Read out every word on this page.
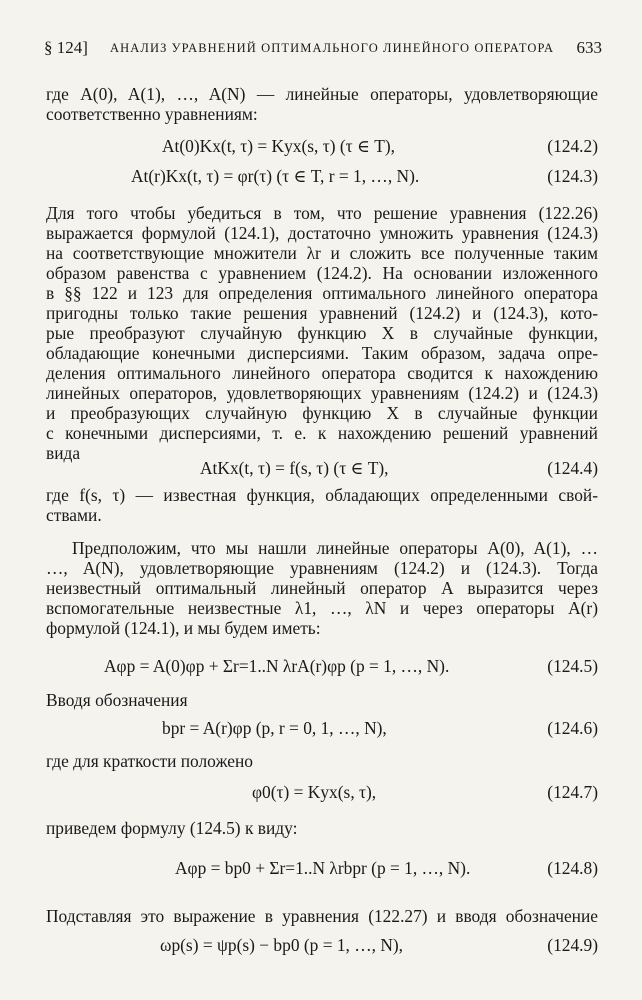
§ 124] АНАЛИЗ УРАВНЕНИЙ ОПТИМАЛЬНОГО ЛИНЕЙНОГО ОПЕРАТОРА 633
где A(0), A(1), …, A(N) — линейные операторы, удовлетворяющие
соответственно уравнениям:
At(0)Kx(t, τ) = Kyx(s, τ) (τ ∈ T),	(124.2)
At(r)Kx(t, τ) = φr(τ) (τ ∈ T, r = 1, …, N).	(124.3)
Для того чтобы убедиться в том, что решение уравнения (122.26)
выражается формулой (124.1), достаточно умножить уравнения (124.3)
на соответствующие множители λr и сложить все полученные таким
образом равенства с уравнением (124.2). На основании изложенного
в §§ 122 и 123 для определения оптимального линейного оператора
пригодны только такие решения уравнений (124.2) и (124.3), кото-
рые преобразуют случайную функцию X в случайные функции,
обладающие конечными дисперсиями. Таким образом, задача опре-
деления оптимального линейного оператора сводится к нахождению
линейных операторов, удовлетворяющих уравнениям (124.2) и (124.3)
и преобразующих случайную функцию X в случайные функции
с конечными дисперсиями, т. е. к нахождению решений уравнений
вида
AtKx(t, τ) = f(s, τ) (τ ∈ T),	(124.4)
где f(s, τ) — известная функция, обладающих определенными свой-
ствами.
Предположим, что мы нашли линейные операторы A(0), A(1), …
…, A(N), удовлетворяющие уравнениям (124.2) и (124.3). Тогда
неизвестный оптимальный линейный оператор A выразится через
вспомогательные неизвестные λ1, …, λN и через операторы A(r)
формулой (124.1), и мы будем иметь:
Aφp = A(0)φp + Σr=1..N λrA(r)φp (p = 1, …, N).	(124.5)
Вводя обозначения
bpr = A(r)φp (p, r = 0, 1, …, N),	(124.6)
где для краткости положено
φ0(τ) = Kyx(s, τ),	(124.7)
приведем формулу (124.5) к виду:
Aφp = bp0 + Σr=1..N λrbpr (p = 1, …, N).	(124.8)
Подставляя это выражение в уравнения (122.27) и вводя обозначение
ωp(s) = ψp(s) − bp0 (p = 1, …, N),	(124.9)
